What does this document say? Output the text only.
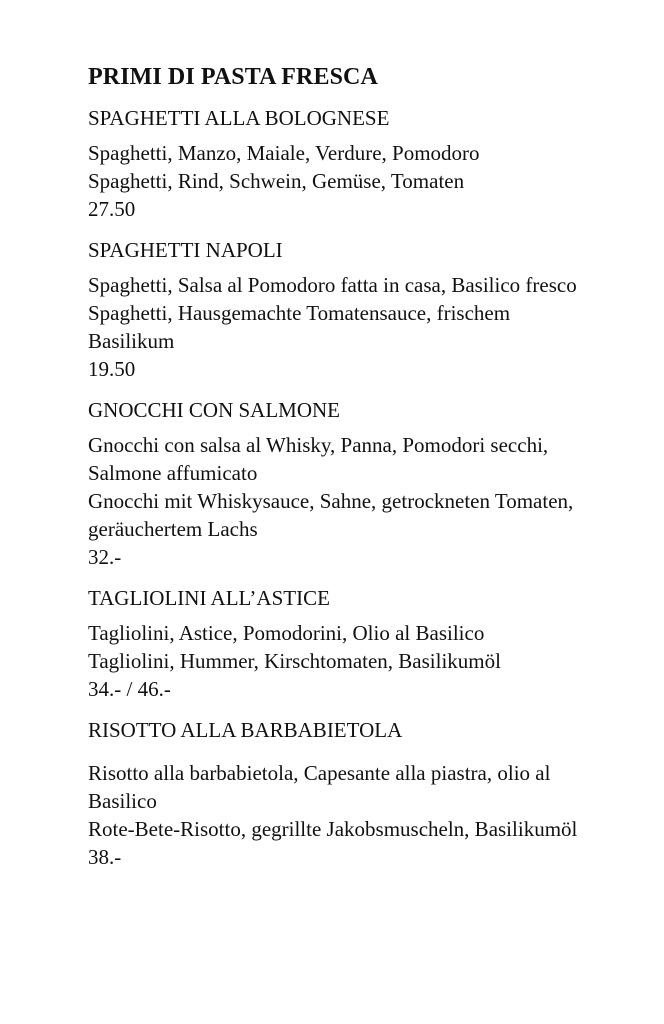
PRIMI DI PASTA FRESCA

SPAGHETTI ALLA BOLOGNESE

Spaghetti, Manzo, Maiale, Verdure, Pomodoro

Spaghetti, Rind, Schwein, Gemüse, Tomaten

27.50

SPAGHETTI NAPOLI

Spaghetti, Salsa al Pomodoro fatta in casa, Basilico fresco

Spaghetti, Hausgemachte Tomatensauce, frischem Basilikum

19.50

GNOCCHI CON SALMONE

Gnocchi con salsa al Whisky, Panna, Pomodori secchi, Salmone affumicato

Gnocchi mit Whiskysauce, Sahne, getrockneten Tomaten, geräuchertem Lachs

32.-

TAGLIOLINI ALL’ASTICE

Tagliolini, Astice, Pomodorini, Olio al Basilico

Tagliolini, Hummer, Kirschtomaten, Basilikumöl

34.- / 46.-

RISOTTO ALLA BARBABIETOLA

Risotto alla barbabietola, Capesante alla piastra, olio al Basilico

Rote-Bete-Risotto, gegrillte Jakobsmuscheln, Basilikumöl

38.-
